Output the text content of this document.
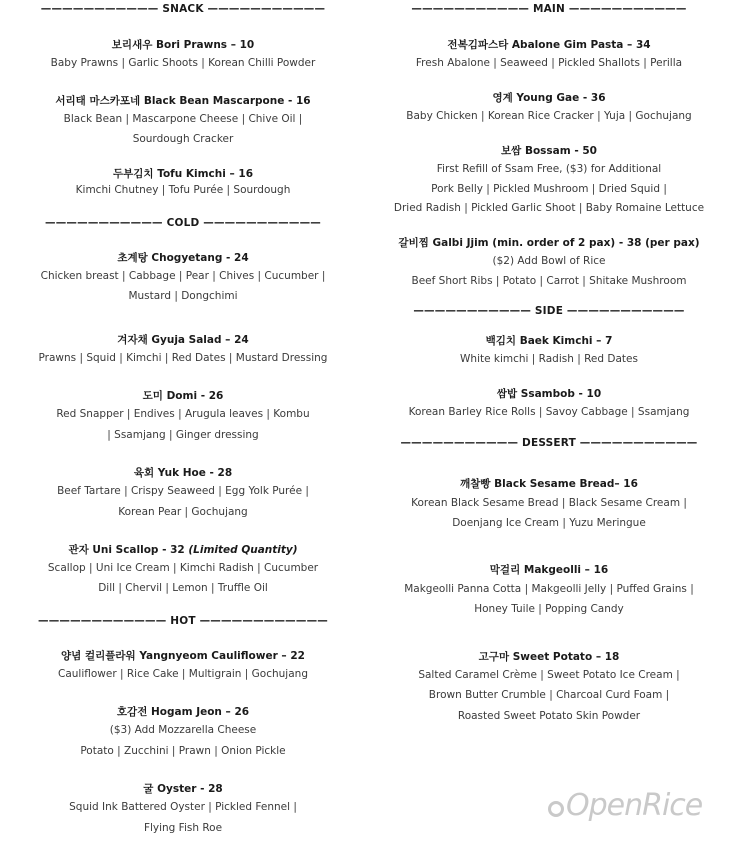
——————————— SNACK ———————————
보리새우 Bori Prawns – 10
Baby Prawns | Garlic Shoots | Korean Chilli Powder
서리태 마스카포네 Black Bean Mascarpone - 16
Black Bean | Mascarpone Cheese | Chive Oil |
Sourdough Cracker
두부김치 Tofu Kimchi – 16
Kimchi Chutney | Tofu Purée | Sourdough
——————————— COLD ———————————
초계탕 Chogyetang - 24
Chicken breast | Cabbage | Pear | Chives | Cucumber |
Mustard | Dongchimi
겨자채 Gyuja Salad – 24
Prawns | Squid | Kimchi | Red Dates | Mustard Dressing
도미 Domi - 26
Red Snapper | Endives | Arugula leaves | Kombu
| Ssamjang | Ginger dressing
육회 Yuk Hoe - 28
Beef Tartare | Crispy Seaweed | Egg Yolk Purée |
Korean Pear | Gochujang
관자 Uni Scallop - 32 (Limited Quantity)
Scallop | Uni Ice Cream | Kimchi Radish | Cucumber
Dill | Chervil | Lemon | Truffle Oil
———————————— HOT ————————————
양념 컬리플라워 Yangnyeom Cauliflower – 22
Cauliflower | Rice Cake | Multigrain | Gochujang
호감전 Hogam Jeon – 26
($3) Add Mozzarella Cheese
Potato | Zucchini | Prawn | Onion Pickle
굴 Oyster - 28
Squid Ink Battered Oyster | Pickled Fennel |
Flying Fish Roe
——————————— MAIN ———————————
전복김파스타 Abalone Gim Pasta – 34
Fresh Abalone | Seaweed | Pickled Shallots | Perilla
영계 Young Gae - 36
Baby Chicken | Korean Rice Cracker | Yuja | Gochujang
보쌈 Bossam - 50
First Refill of Ssam Free, ($3) for Additional
Pork Belly | Pickled Mushroom | Dried Squid |
Dried Radish | Pickled Garlic Shoot | Baby Romaine Lettuce
갈비찜 Galbi Jjim (min. order of 2 pax) - 38 (per pax)
($2) Add Bowl of Rice
Beef Short Ribs | Potato | Carrot | Shitake Mushroom
——————————— SIDE ———————————
백김치 Baek Kimchi – 7
White kimchi | Radish | Red Dates
쌈밥 Ssambob - 10
Korean Barley Rice Rolls | Savoy Cabbage | Ssamjang
——————————— DESSERT ———————————
깨찰빵 Black Sesame Bread– 16
Korean Black Sesame Bread | Black Sesame Cream |
Doenjang Ice Cream | Yuzu Meringue
막걸리 Makgeolli – 16
Makgeolli Panna Cotta | Makgeolli Jelly | Puffed Grains |
Honey Tuile | Popping Candy
고구마 Sweet Potato – 18
Salted Caramel Crème | Sweet Potato Ice Cream |
Brown Butter Crumble | Charcoal Curd Foam |
Roasted Sweet Potato Skin Powder
OpenRice
